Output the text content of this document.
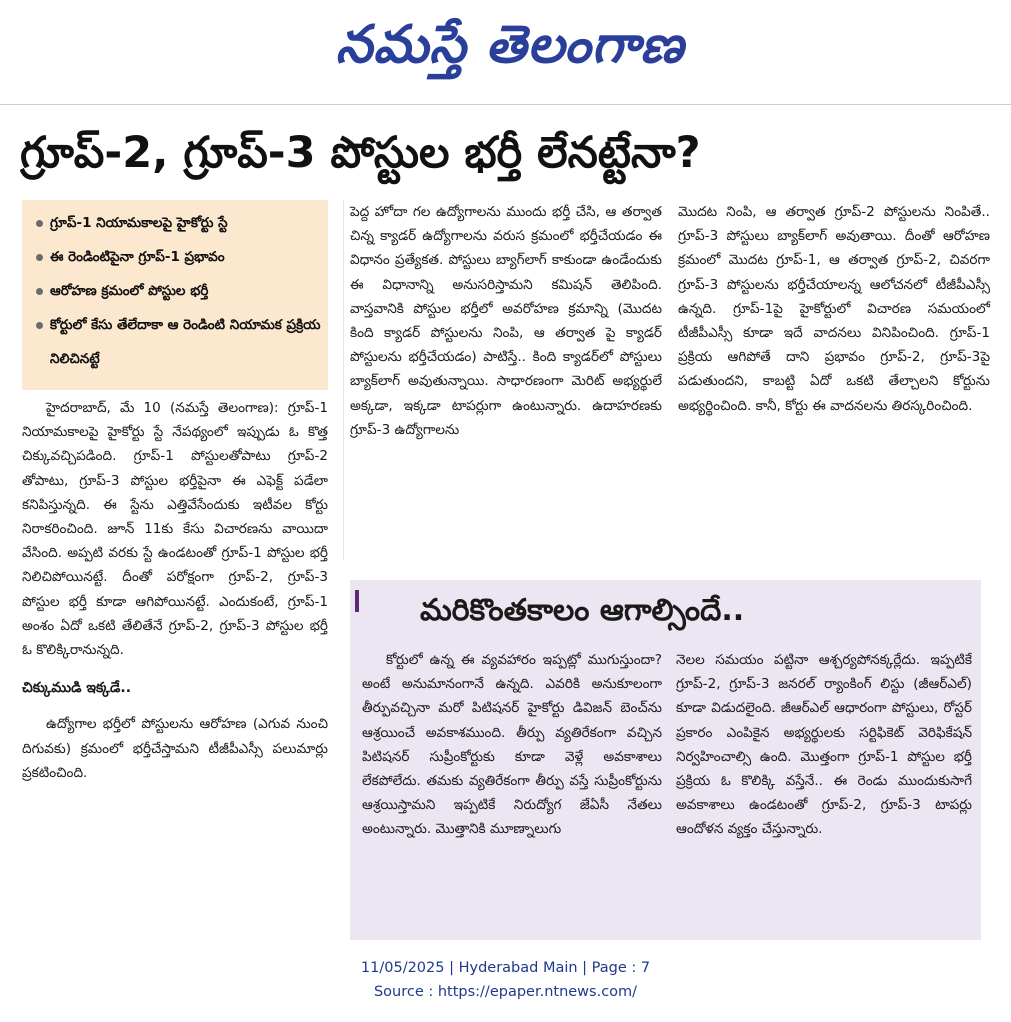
నమస్తే తెలంగాణ
గ్రూప్‌-2, గ్రూప్‌-3 పోస్టుల భర్తీ లేనట్టేనా?
గ్రూప్‌-1 నియామకాలపై హైకోర్టు స్టే
ఈ రెండింటిపైనా గ్రూప్‌-1 ప్రభావం
ఆరోహణ క్రమంలో పోస్టుల భర్తీ
కోర్టులో కేసు తేలేదాకా ఆ రెండింటి నియామక ప్రక్రియ నిలిచినట్టే

హైదరాబాద్‌, మే 10 (నమస్తే తెలంగాణ): గ్రూప్‌-1 నియామకాలపై హైకోర్టు స్టే నేపథ్యంలో ఇప్పుడు ఓ కొత్త చిక్కువచ్చిపడింది. గ్రూప్‌-1 పోస్టులతోపాటు గ్రూప్‌-2 తోపాటు, గ్రూప్‌-3 పోస్టుల భర్తీపైనా ఈ ఎఫెక్ట్‌ పడేలా కనిపిస్తున్నది. ఈ స్టేను ఎత్తివేసేందుకు ఇటీవల కోర్టు నిరాకరించింది. జూన్‌ 11కు కేసు విచారణను వాయిదా వేసింది. అప్పటి వరకు స్టే ఉండటంతో గ్రూప్‌-1 పోస్టుల భర్తీ నిలిచిపోయినట్టే. దీంతో పరోక్షంగా గ్రూప్‌-2, గ్రూప్‌-3 పోస్టుల భర్తీ కూడా ఆగిపోయినట్టే. ఎందుకంటే, గ్రూప్‌-1 అంశం ఏదో ఒకటి తేలితేనే గ్రూప్‌-2, గ్రూప్‌-3 పోస్టుల భర్తీ ఓ కొలిక్కిరానున్నది.

చిక్కుముడి ఇక్కడే..

ఉద్యోగాల భర్తీలో పోస్టులను ఆరోహణ (ఎగువ నుంచి దిగువకు) క్రమంలో భర్తీచేస్తామని టీజీపీఎస్సీ పలుమార్లు ప్రకటించింది.

పెద్ద హోదా గల ఉద్యోగాలను ముందు భర్తీ చేసి, ఆ తర్వాత చిన్న క్యాడర్‌ ఉద్యోగాలను వరుస క్రమంలో భర్తీచేయడం ఈ విధానం ప్రత్యేకత. పోస్టులు బ్యాగ్‌లాగ్‌ కాకుండా ఉండేందుకు ఈ విధానాన్ని అనుసరిస్తామని కమిషన్‌ తెలిపింది. వాస్తవానికి పోస్టుల భర్తీలో అవరోహణ క్రమాన్ని (మొదట కింది క్యాడర్‌ పోస్టులను నింపి, ఆ తర్వాత పై క్యాడర్‌ పోస్టులను భర్తీచేయడం) పాటిస్తే.. కింది క్యాడర్‌లో పోస్టులు బ్యాక్‌లాగ్‌ అవుతున్నాయి. సాధారణంగా మెరిట్‌ అభ్యర్థులే అక్కడా, ఇక్కడా టాపర్లుగా ఉంటున్నారు. ఉదాహరణకు గ్రూప్‌-3 ఉద్యోగాలను

మొదట నింపి, ఆ తర్వాత గ్రూప్‌-2 పోస్టులను నింపితే.. గ్రూప్‌-3 పోస్టులు బ్యాక్‌లాగ్‌ అవుతాయి. దీంతో ఆరోహణ క్రమంలో మొదట గ్రూప్‌-1, ఆ తర్వాత గ్రూప్‌-2, చివరగా గ్రూప్‌-3 పోస్టులను భర్తీచేయాలన్న ఆలోచనలో టీజీపీఎస్సీ ఉన్నది. గ్రూప్‌-1పై హైకోర్టులో విచారణ సమయంలో టీజీపీఎస్సీ కూడా ఇదే వాదనలు వినిపించింది. గ్రూప్‌-1 ప్రక్రియ ఆగిపోతే దాని ప్రభావం గ్రూప్‌-2, గ్రూప్‌-3పై పడుతుందని, కాబట్టి ఏదో ఒకటి తేల్చాలని కోర్టును అభ్యర్థించింది. కానీ, కోర్టు ఈ వాదనలను తిరస్కరించింది.

మరికొంతకాలం ఆగాల్సిందే..

కోర్టులో ఉన్న ఈ వ్యవహారం ఇప్పట్లో ముగుస్తుందా? అంటే అనుమానంగానే ఉన్నది. ఎవరికి అనుకూలంగా తీర్పువచ్చినా మరో పిటిషనర్‌ హైకోర్టు డివిజన్‌ బెంచ్‌ను ఆశ్రయించే అవకాశముంది. తీర్పు వ్యతిరేకంగా వచ్చిన పిటిషనర్‌ సుప్రీంకోర్టుకు కూడా వెళ్లే అవకాశాలు లేకపోలేదు. తమకు వ్యతిరేకంగా తీర్పు వస్తే సుప్రీంకోర్టును ఆశ్రయిస్తామని ఇప్పటికే నిరుద్యోగ జేఏసీ నేతలు అంటున్నారు. మొత్తానికి మూణ్నాలుగు

నెలల సమయం పట్టినా ఆశ్చర్యపోనక్కర్లేదు. ఇప్పటికే గ్రూప్‌-2, గ్రూప్‌-3 జనరల్‌ ర్యాంకింగ్‌ లిస్టు (జీఆర్‌ఎల్‌) కూడా విడుదలైంది. జీఆర్‌ఎల్‌ ఆధారంగా పోస్టులు, రోస్టర్‌ ప్రకారం ఎంపికైన అభ్యర్థులకు సర్టిఫికెట్‌ వెరిఫికేషన్‌ నిర్వహించాల్సి ఉంది. మొత్తంగా గ్రూప్‌-1 పోస్టుల భర్తీ ప్రక్రియ ఓ కొలిక్కి వస్తేనే.. ఈ రెండు ముందుకుసాగే అవకాశాలు ఉండటంతో గ్రూప్‌-2, గ్రూప్‌-3 టాపర్లు ఆందోళన వ్యక్తం చేస్తున్నారు.

11/05/2025 | Hyderabad Main | Page : 7
Source : https://epaper.ntnews.com/
